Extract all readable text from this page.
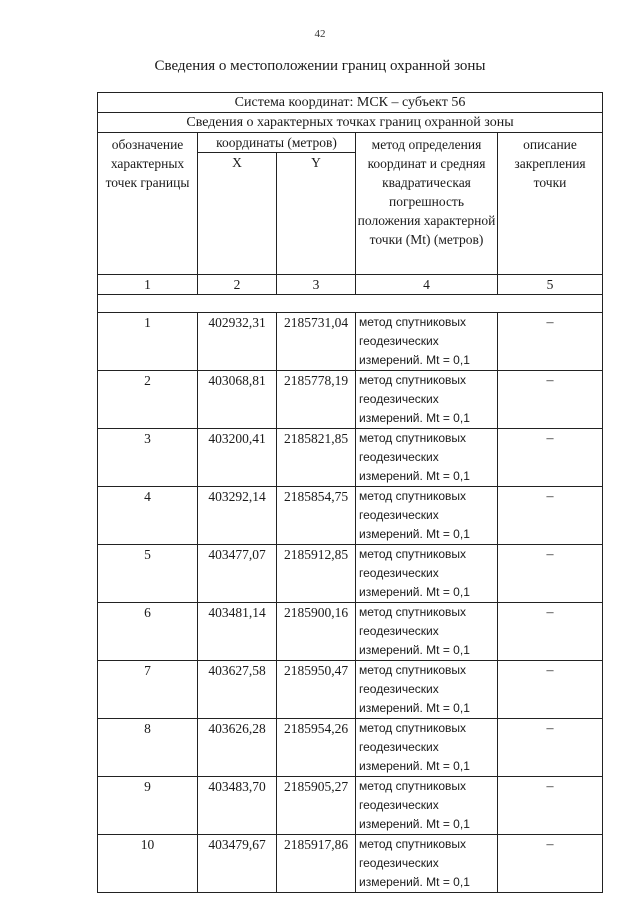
42
Сведения о местоположении границ охранной зоны
Система координат: МСК – субъект 56				
Сведения о характерных точках границ охранной зоны				

обозначение характерных точек границы	координаты (метров)		метод определения координат и средняя квадратическая погрешность положения характерной точки (Mt) (метров)	описание закрепления точки

	X	Y		
1	2	3	4	5

1	402932,31	2185731,04	метод спутниковых геодезических измерений. Mt = 0,1	–
2	403068,81	2185778,19	метод спутниковых геодезических измерений. Mt = 0,1	–
3	403200,41	2185821,85	метод спутниковых геодезических измерений. Mt = 0,1	–
4	403292,14	2185854,75	метод спутниковых геодезических измерений. Mt = 0,1	–
5	403477,07	2185912,85	метод спутниковых геодезических измерений. Mt = 0,1	–
6	403481,14	2185900,16	метод спутниковых геодезических измерений. Mt = 0,1	–
7	403627,58	2185950,47	метод спутниковых геодезических измерений. Mt = 0,1	–
8	403626,28	2185954,26	метод спутниковых геодезических измерений. Mt = 0,1	–
9	403483,70	2185905,27	метод спутниковых геодезических измерений. Mt = 0,1	–
10	403479,67	2185917,86	метод спутниковых геодезических измерений. Mt = 0,1	–
